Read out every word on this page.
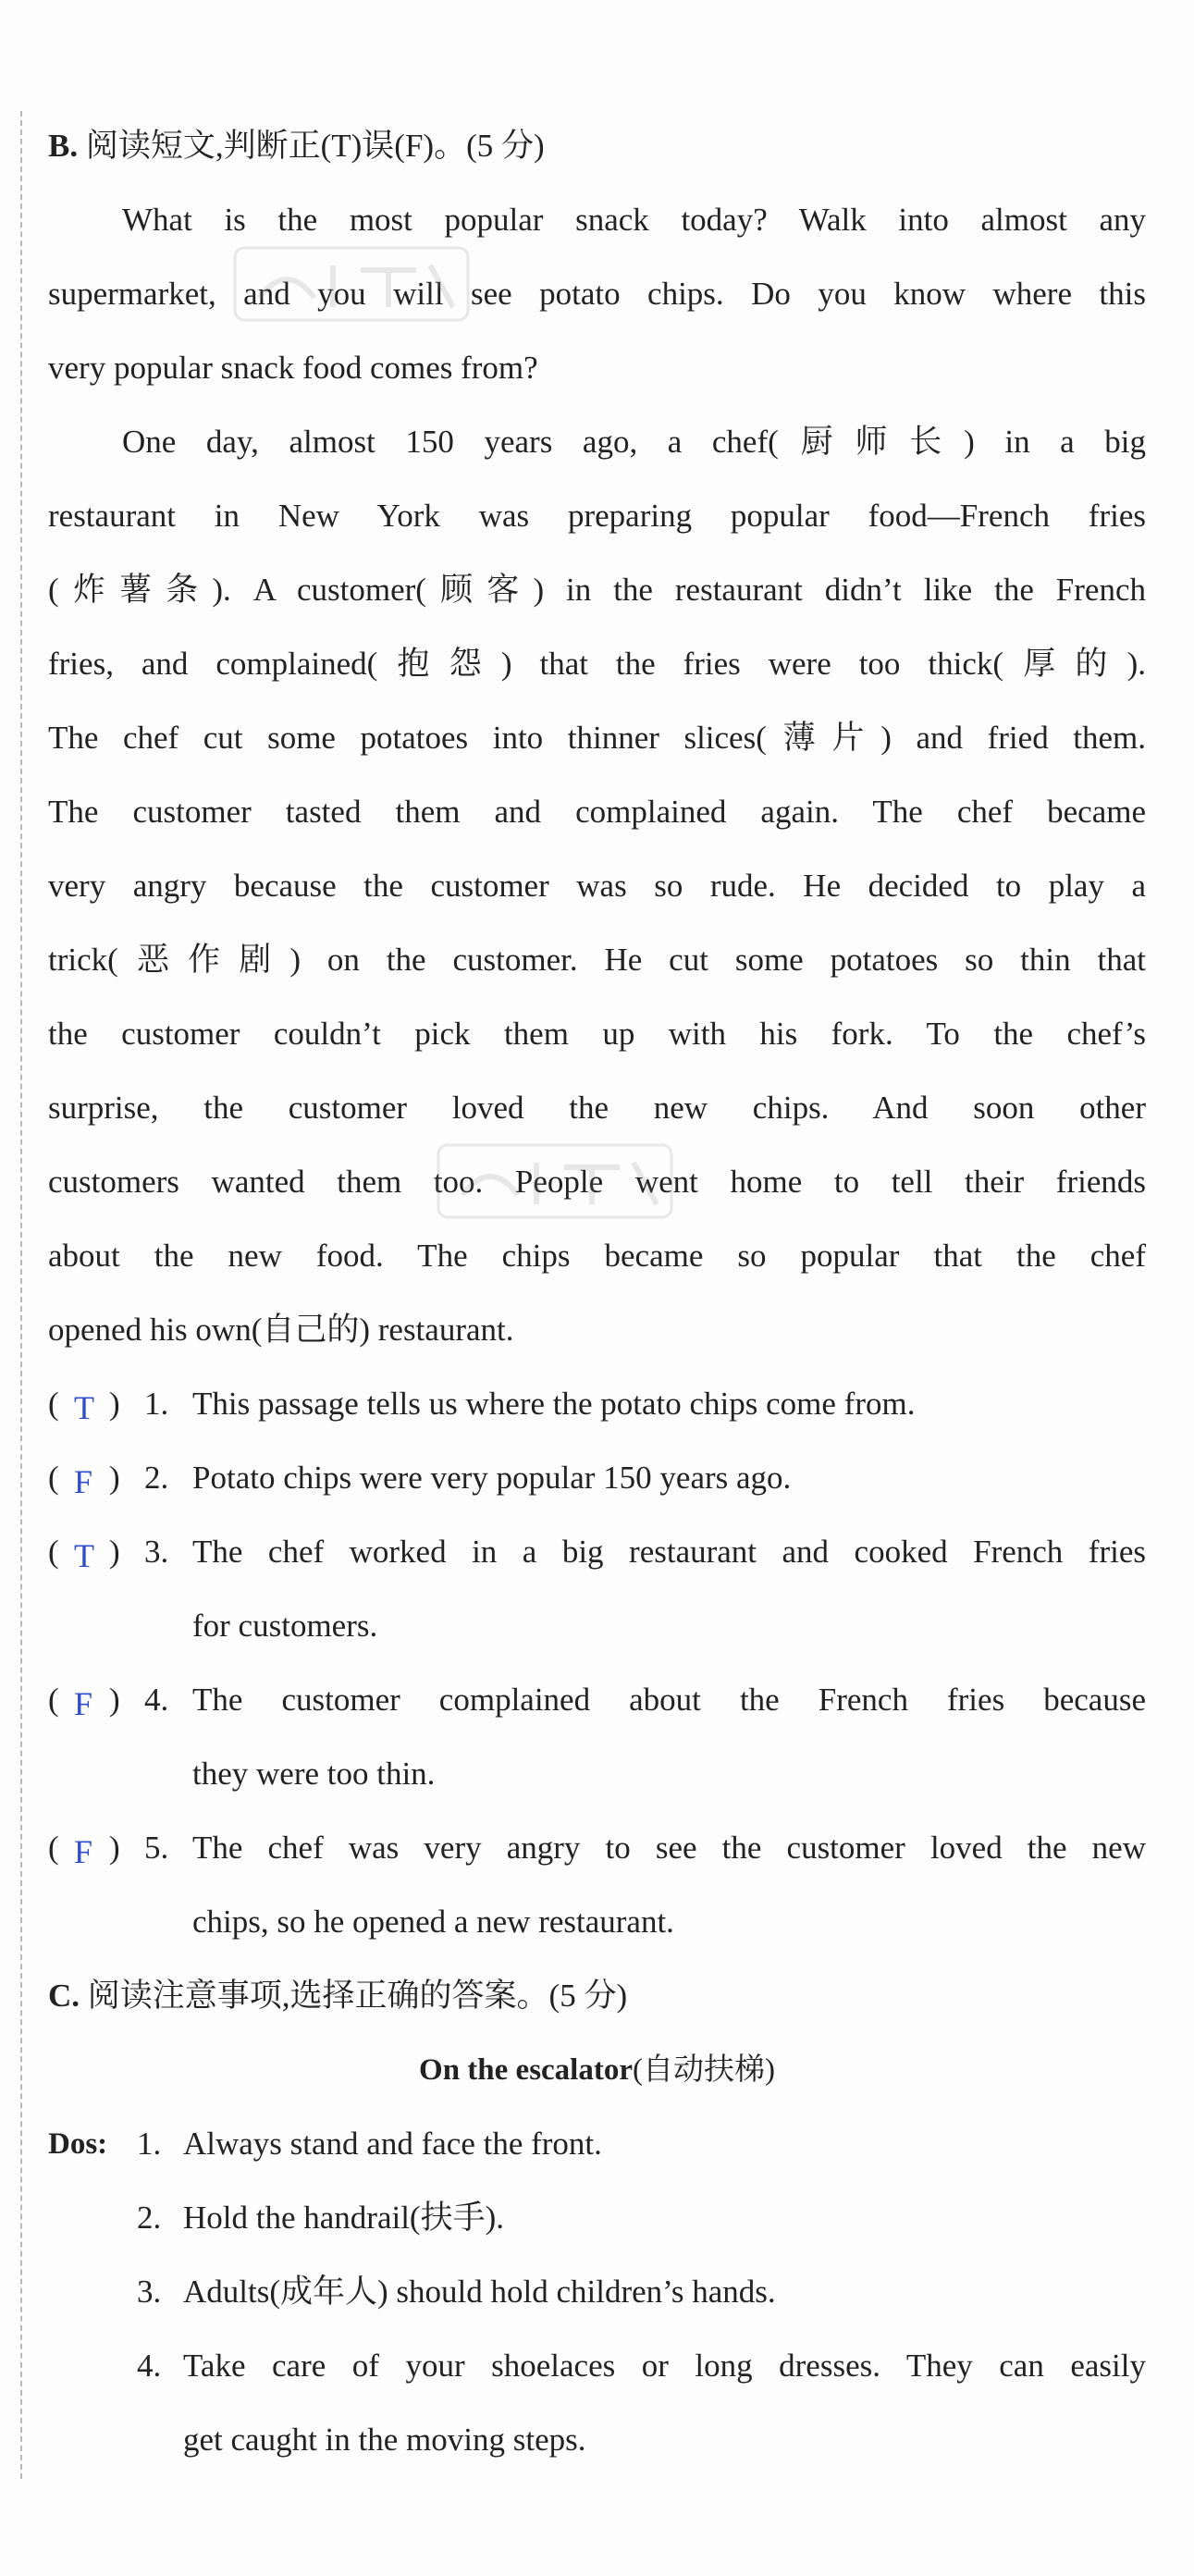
B. 阅读短文,判断正(T)误(F)。(5 分)
What is the most popular snack today? Walk into almost any
supermarket, and you will see potato chips. Do you know where this
very popular snack food comes from?
One day, almost 150 years ago, a chef(厨师长) in a big
restaurant in New York was preparing popular food—French fries
(炸薯条). A customer(顾客) in the restaurant didn’t like the French
fries, and complained(抱怨) that the fries were too thick(厚的).
The chef cut some potatoes into thinner slices(薄片) and fried them.
The customer tasted them and complained again. The chef became
very angry because the customer was so rude. He decided to play a
trick(恶作剧) on the customer. He cut some potatoes so thin that
the customer couldn’t pick them up with his fork. To the chef’s
surprise, the customer loved the new chips. And soon other
customers wanted them too. People went home to tell their friends
about the new food. The chips became so popular that the chef
opened his own(自己的) restaurant.
( T ) 1. This passage tells us where the potato chips come from.
( F ) 2. Potato chips were very popular 150 years ago.
( T ) 3. The chef worked in a big restaurant and cooked French fries
for customers.
( F ) 4. The customer complained about the French fries because
they were too thin.
( F ) 5. The chef was very angry to see the customer loved the new
chips, so he opened a new restaurant.
C. 阅读注意事项,选择正确的答案。(5 分)
On the escalator(自动扶梯)
Dos: 1. Always stand and face the front.
2. Hold the handrail(扶手).
3. Adults(成年人) should hold children’s hands.
4. Take care of your shoelaces or long dresses. They can easily
get caught in the moving steps.
